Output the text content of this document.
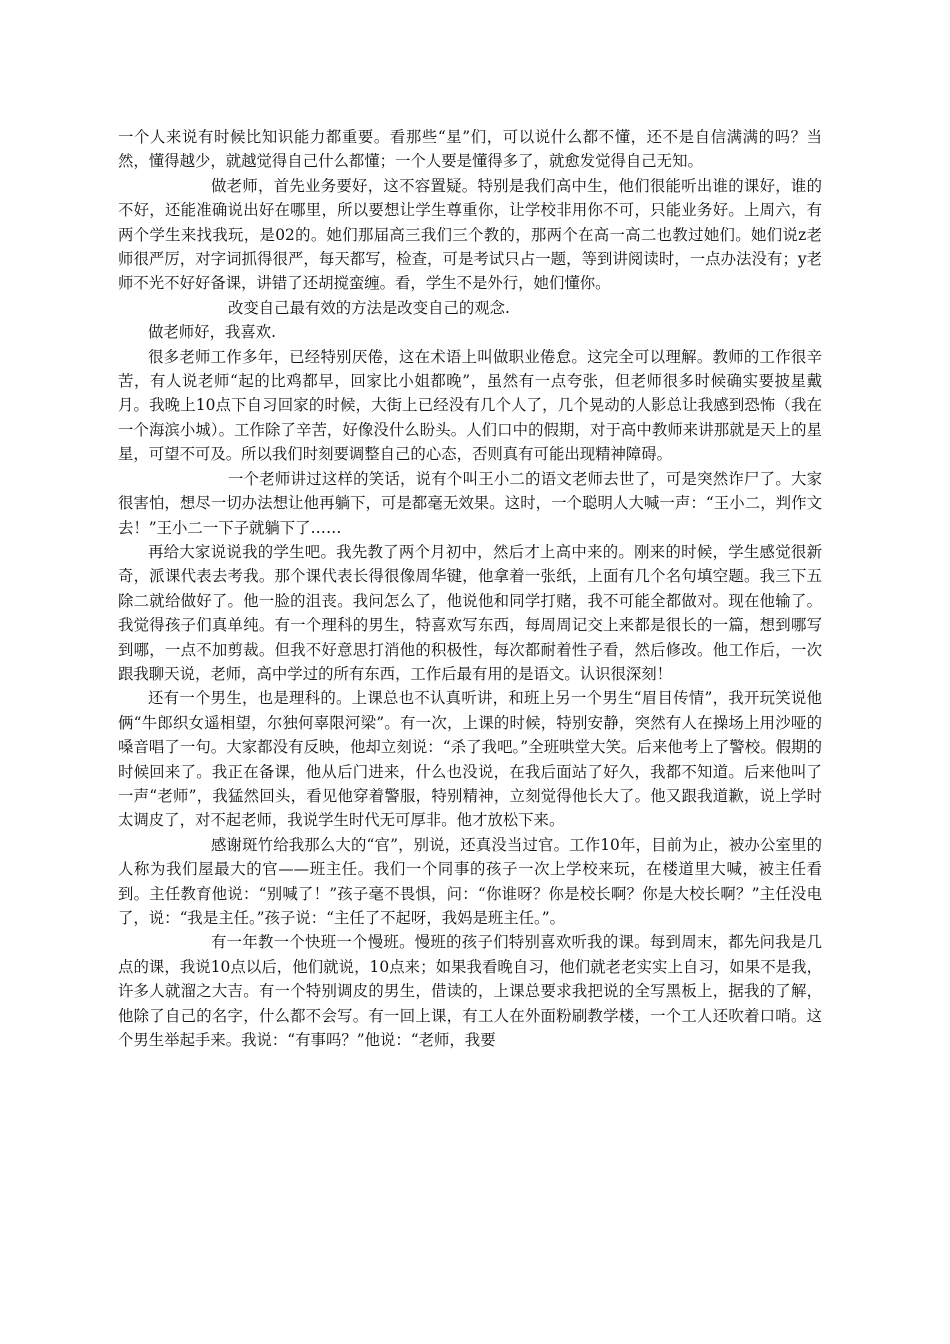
一个人来说有时候比知识能力都重要。看那些“星”们，可以说什么都不懂，还不是自信满满的吗？当然，懂得越少，就越觉得自己什么都懂；一个人要是懂得多了，就愈发觉得自己无知。

做老师，首先业务要好，这不容置疑。特别是我们高中生，他们很能听出谁的课好，谁的不好，还能准确说出好在哪里，所以要想让学生尊重你，让学校非用你不可，只能业务好。上周六，有两个学生来找我玩，是02的。她们那届高三我们三个教的，那两个在高一高二也教过她们。她们说z老师很严厉，对字词抓得很严，每天都写，检查，可是考试只占一题，等到讲阅读时，一点办法没有；y老师不光不好好备课，讲错了还胡搅蛮缠。看，学生不是外行，她们懂你。

改变自己最有效的方法是改变自己的观念.

做老师好，我喜欢.

很多老师工作多年，已经特别厌倦，这在术语上叫做职业倦怠。这完全可以理解。教师的工作很辛苦，有人说老师“起的比鸡都早，回家比小姐都晚”，虽然有一点夸张，但老师很多时候确实要披星戴月。我晚上10点下自习回家的时候，大街上已经没有几个人了，几个晃动的人影总让我感到恐怖（我在一个海滨小城）。工作除了辛苦，好像没什么盼头。人们口中的假期，对于高中教师来讲那就是天上的星星，可望不可及。所以我们时刻要调整自己的心态，否则真有可能出现精神障碍。

一个老师讲过这样的笑话，说有个叫王小二的语文老师去世了，可是突然诈尸了。大家很害怕，想尽一切办法想让他再躺下，可是都毫无效果。这时，一个聪明人大喊一声：“王小二，判作文去！”王小二一下子就躺下了……

再给大家说说我的学生吧。我先教了两个月初中，然后才上高中来的。刚来的时候，学生感觉很新奇，派课代表去考我。那个课代表长得很像周华键，他拿着一张纸，上面有几个名句填空题。我三下五除二就给做好了。他一脸的沮丧。我问怎么了，他说他和同学打赌，我不可能全都做对。现在他输了。我觉得孩子们真单纯。有一个理科的男生，特喜欢写东西，每周周记交上来都是很长的一篇，想到哪写到哪，一点不加剪裁。但我不好意思打消他的积极性，每次都耐着性子看，然后修改。他工作后，一次跟我聊天说，老师，高中学过的所有东西，工作后最有用的是语文。认识很深刻！

还有一个男生，也是理科的。上课总也不认真听讲，和班上另一个男生“眉目传情”，我开玩笑说他俩“牛郎织女遥相望，尔独何辜限河梁”。有一次，上课的时候，特别安静，突然有人在操场上用沙哑的嗓音唱了一句。大家都没有反映，他却立刻说：“杀了我吧。”全班哄堂大笑。后来他考上了警校。假期的时候回来了。我正在备课，他从后门进来，什么也没说，在我后面站了好久，我都不知道。后来他叫了一声“老师”，我猛然回头，看见他穿着警服，特别精神，立刻觉得他长大了。他又跟我道歉，说上学时太调皮了，对不起老师，我说学生时代无可厚非。他才放松下来。

感谢斑竹给我那么大的“官”，别说，还真没当过官。工作10年，目前为止，被办公室里的人称为我们屋最大的官——班主任。我们一个同事的孩子一次上学校来玩，在楼道里大喊，被主任看到。主任教育他说：“别喊了！”孩子毫不畏惧，问：“你谁呀？你是校长啊？你是大校长啊？”主任没电了，说：“我是主任。”孩子说：“主任了不起呀，我妈是班主任。”。

有一年教一个快班一个慢班。慢班的孩子们特别喜欢听我的课。每到周末，都先问我是几点的课，我说10点以后，他们就说，10点来；如果我看晚自习，他们就老老实实上自习，如果不是我，许多人就溜之大吉。有一个特别调皮的男生，借读的，上课总要求我把说的全写黑板上，据我的了解，他除了自己的名字，什么都不会写。有一回上课，有工人在外面粉刷教学楼，一个工人还吹着口哨。这个男生举起手来。我说：“有事吗？”他说：“老师，我要
